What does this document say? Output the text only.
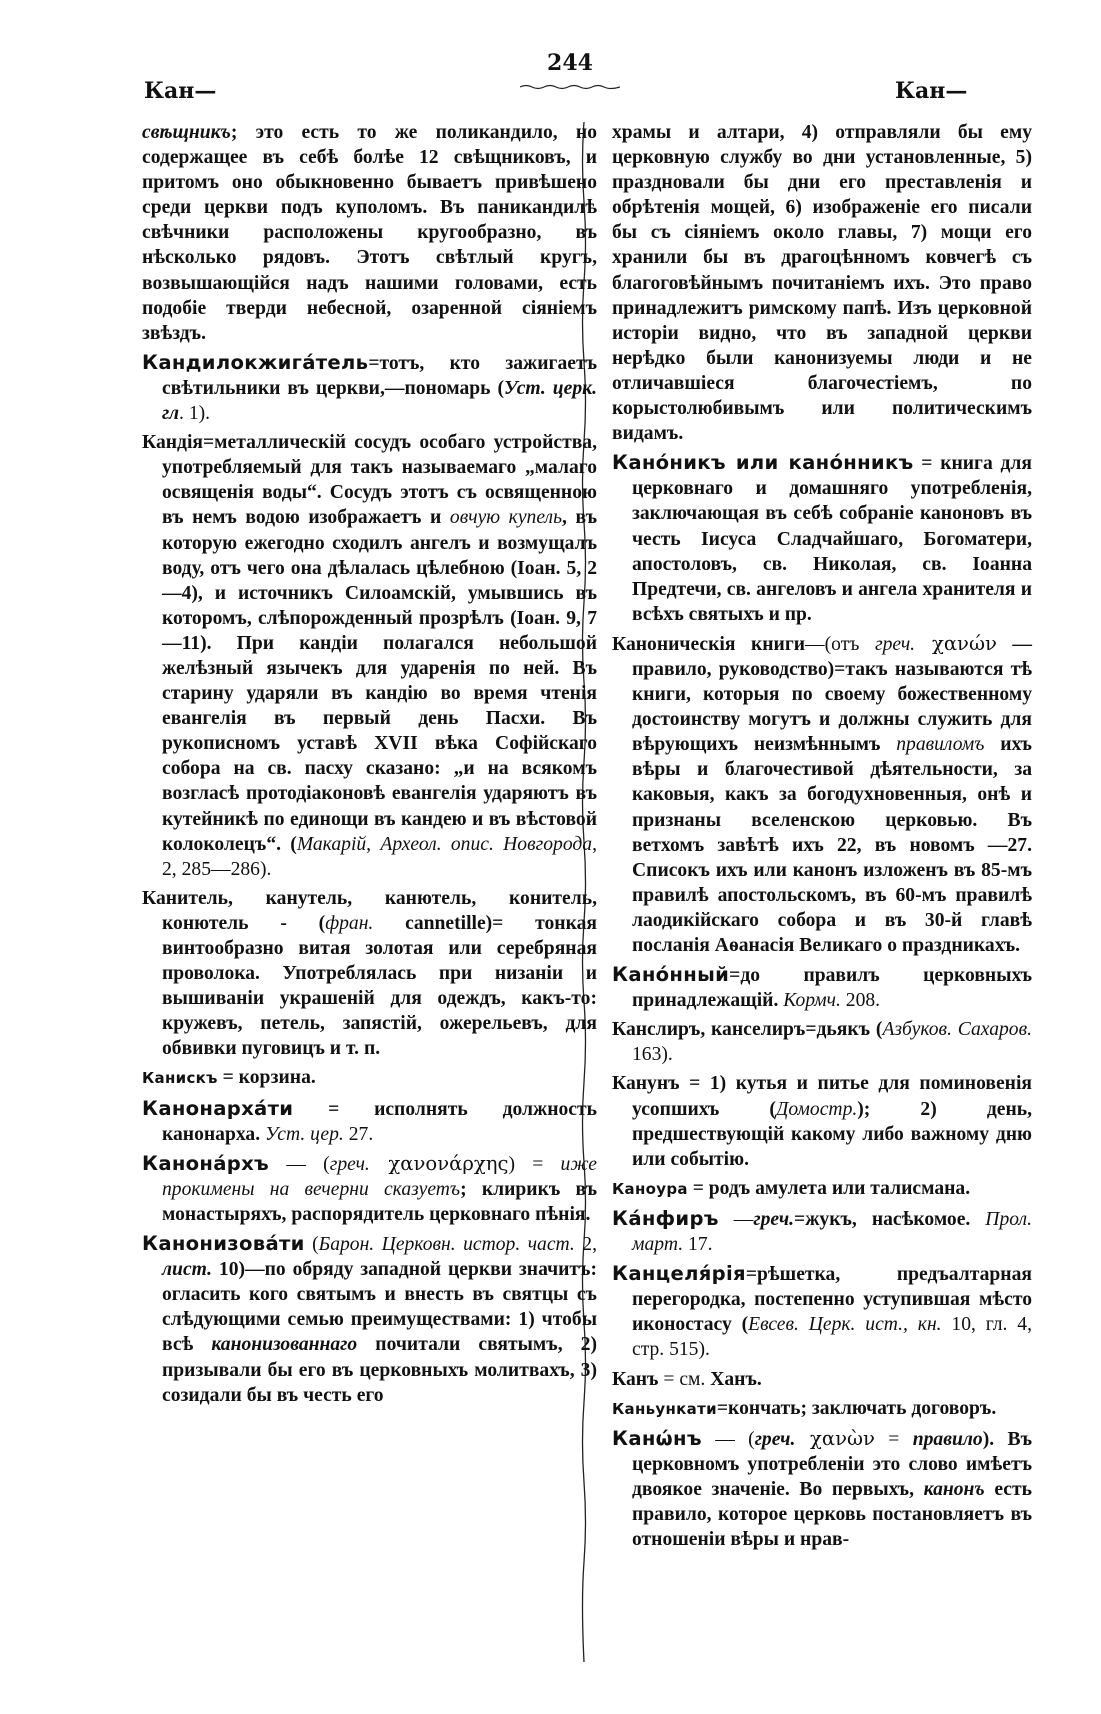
244
Кан—	Кан—

свѣщникъ; это есть то же поликандило, но содержащее въ себѣ болѣе 12 свѣщниковъ, и притомъ оно обыкновенно бываетъ привѣшено среди церкви подъ куполомъ. Въ паникандилѣ свѣчники расположены кругообразно, въ нѣсколько рядовъ. Этотъ свѣтлый кругъ, возвышающiйся надъ нашими головами, есть подобiе тверди небесной, озаренной сiянiемъ звѣздъ.

Кандилокжига́тель=тотъ, кто зажигаетъ свѣтильники въ церкви,—пономарь (Уст. церк. гл. 1).

Кандiя=металлическiй сосудъ особаго устройства, употребляемый для такъ называемаго „малаго освященiя воды“. Сосудъ этотъ съ освященною въ немъ водою изображаетъ и овчую купель, въ которую ежегодно сходилъ ангелъ и возмущалъ воду, отъ чего она дѣлалась цѣлебною (Iоан. 5, 2—4), и источникъ Силоамскiй, умывшись въ которомъ, слѣпорожденный прозрѣлъ (Iоан. 9, 7—11). При кандiи полагался небольшой желѣзный язычекъ для ударенiя по ней. Въ старину ударяли въ кандiю во время чтенiя евангелiя въ первый день Пасхи. Въ рукописномъ уставѣ XVII вѣка Софiйскаго собора на св. пасху сказано: „и на всякомъ возгласѣ протодiаконовѣ евангелiя ударяютъ въ кутейникѣ по единощи въ кандею и въ вѣстовой колоколецъ“. (Макарiй, Археол. опис. Новгорода, 2, 285—286).

Канитель, канутель, канютель, конитель, конютель - (фран. cannetille)= тонкая винтообразно витая золотая или серебряная проволока. Употреблялась при низанiи и вышиванiи украшенiй для одеждъ, какъ-то: кружевъ, петель, запястiй, ожерельевъ, для обвивки пуговицъ и т. п.

Канискъ = корзина.

Канонарха́ти = исполнять должность канонарха. Уст. цер. 27.

Канона́рхъ — (греч. χανονάρχης) = иже прокимены на вечерни сказуетъ; клирикъ въ монастыряхъ, распорядитель церковнаго пѣнiя.

Канонизова́ти (Барон. Церковн. истор. част. 2, лист. 10)—по обряду западной церкви значитъ: огласить кого святымъ и внесть въ святцы съ слѣдующими семью преимуществами: 1) чтобы всѣ канонизованнаго почитали святымъ, 2) призывали бы его въ церковныхъ молитвахъ, 3) созидали бы въ честь его

храмы и алтари, 4) отправляли бы ему церковную службу во дни установленные, 5) праздновали бы дни его преставленiя и обрѣтенiя мощей, 6) изображенiе его писали бы съ сiянiемъ около главы, 7) мощи его хранили бы въ драгоцѣнномъ ковчегѣ съ благоговѣйнымъ почитанiемъ ихъ. Это право принадлежитъ римскому папѣ. Изъ церковной исторiи видно, что въ западной церкви нерѣдко были канонизуемы люди и не отличавшiеся благочестiемъ, по корыстолюбивымъ или политическимъ видамъ.

Кано́никъ или кано́нникъ = книга для церковнаго и домашняго употребленiя, заключающая въ себѣ собранiе каноновъ въ честь Iисуса Сладчайшаго, Богоматери, апостоловъ, св. Николая, св. Iоанна Предтечи, св. ангеловъ и ангела хранителя и всѣхъ святыхъ и пр.

Каноническiя книги—(отъ греч. χανών —правило, руководство)=такъ называются тѣ книги, которыя по своему божественному достоинству могутъ и должны служить для вѣрующихъ неизмѣннымъ правиломъ ихъ вѣры и благочестивой дѣятельности, за каковыя, какъ за богодухновенныя, онѣ и признаны вселенскою церковью. Въ ветхомъ завѣтѣ ихъ 22, въ новомъ —27. Списокъ ихъ или канонъ изложенъ въ 85-мъ правилѣ апостольскомъ, въ 60-мъ правилѣ лаодикiйскаго собора и въ 30-й главѣ посланiя Аѳанасiя Великаго о праздникахъ.

Кано́нный=до правилъ церковныхъ принадлежащiй. Кормч. 208.

Канслиръ, канселиръ=дьякъ (Азбуков. Сахаров. 163).

Канунъ = 1) кутья и питье для поминовенiя усопшихъ (Домостр.); 2) день, предшествующiй какому либо важному дню или событiю.

Каноура = родъ амулета или талисмана.

Ка́нфиръ —греч.=жукъ, насѣкомое. Прол. март. 17.

Канцеля́рiя=рѣшетка, предъалтарная перегородка, постепенно уступившая мѣсто иконостасу (Евсев. Церк. ист., кн. 10, гл. 4, стр. 515).

Канъ = см. Ханъ.

Каньункати=кончать; заключать договоръ.

Канώнъ — (греч. χανὼν = правило). Въ церковномъ употребленiи это слово имѣетъ двоякое значенiе. Во первыхъ, канонъ есть правило, которое церковь постановляетъ въ отношенiи вѣры и нрав-
